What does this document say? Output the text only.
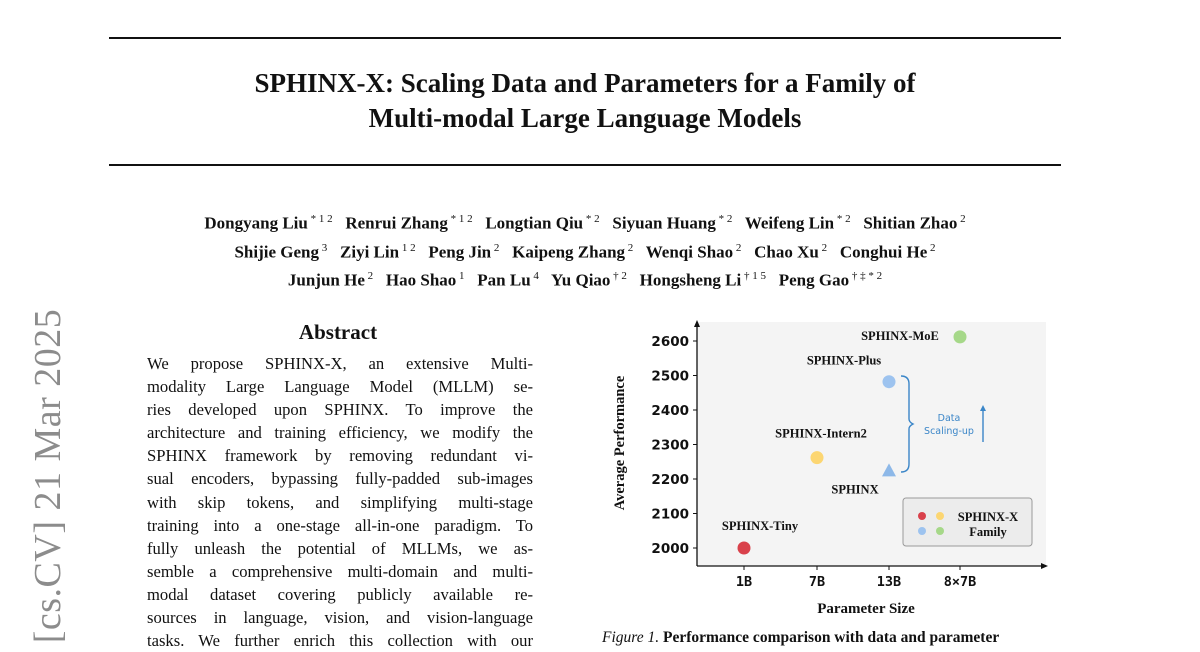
SPHINX-X: Scaling Data and Parameters for a Family of
Multi-modal Large Language Models
Dongyang Liu $^{* 1 2}$  Renrui Zhang $^{* 1 2}$  Longtian Qiu $^{* 2}$  Siyuan Huang $^{* 2}$  Weifeng Lin $^{* 2}$  Shitian Zhao $^2$
Shijie Geng $^3$  Ziyi Lin $^{1 2}$  Peng Jin $^2$  Kaipeng Zhang $^2$  Wenqi Shao $^2$  Chao Xu $^2$  Conghui He $^2$
Junjun He $^2$  Hao Shao $^1$  Pan Lu $^4$  Yu Qiao $^{\dagger 2}$  Hongsheng Li $^{\dagger 1 5}$  Peng Gao $^{\dagger \ddagger * 2}$
[cs.CV] 21 Mar 2025	Abstract
We propose SPHINX-X, an extensive Multi-
modality Large Language Model (MLLM) se-
ries developed upon SPHINX. To improve the
architecture and training efficiency, we modify the
SPHINX framework by removing redundant vi-
sual encoders, bypassing fully-padded sub-images
with skip tokens, and simplifying multi-stage
training into a one-stage all-in-one paradigm. To
fully unleash the potential of MLLMs, we as-
semble a comprehensive multi-domain and multi-
modal dataset covering publicly available re-
sources in language, vision, and vision-language
tasks. We further enrich this collection with our
2000
2100
2200
2300
2400
2500
2600
1B	7B	13B	8×7B
Parameter Size
Average Performance
SPHINX-Tiny
SPHINX-Intern2
SPHINX-Plus
SPHINX
SPHINX-MoE
Data
Scaling-up
SPHINX-X
Family
Figure 1. Performance comparison with data and parameter
